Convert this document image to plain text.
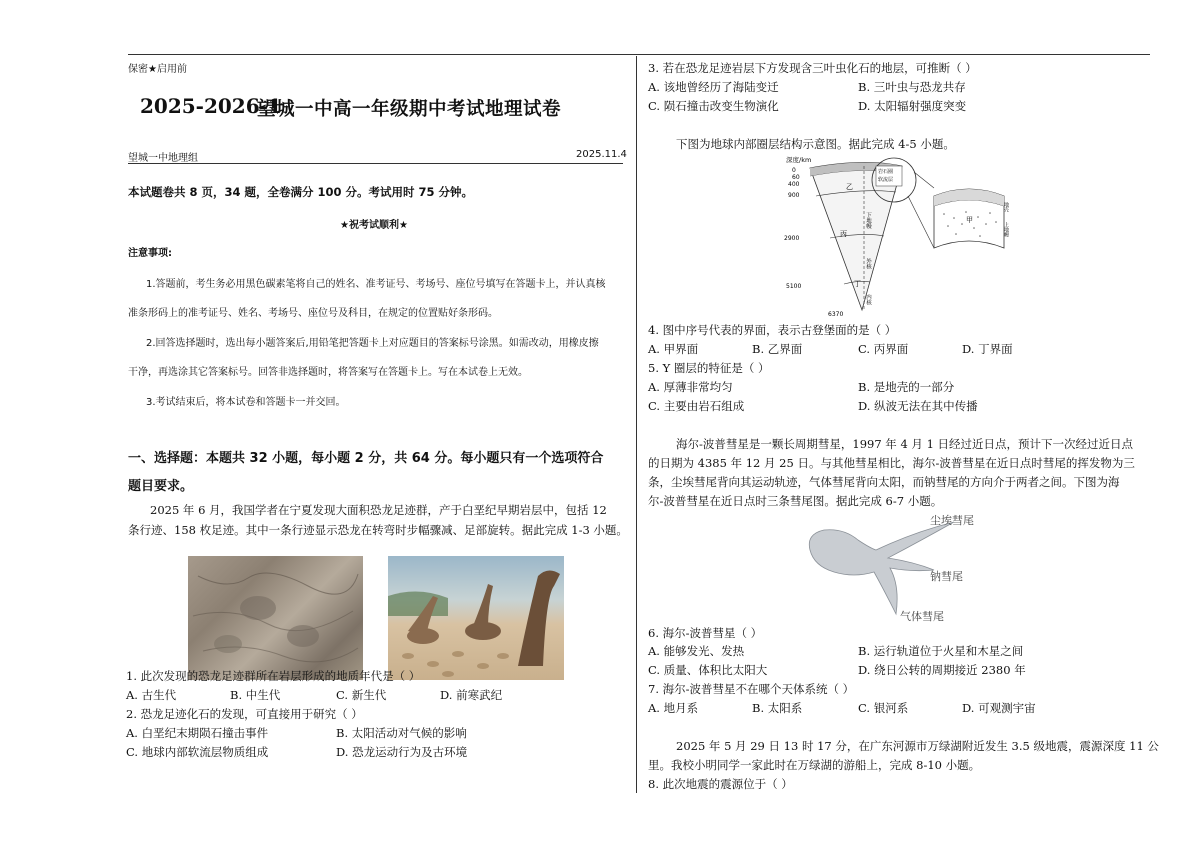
保密★启用前
2025-2026-1
望城一中高一年级期中考试地理试卷
望城一中地理组	2025.11.4
本试题卷共 8 页，34 题，全卷满分 100 分。考试用时 75 分钟。
★祝考试顺利★
注意事项:
1.答题前，考生务必用黑色碳素笔将自己的姓名、准考证号、考场号、座位号填写在答题卡上，并认真核
准条形码上的准考证号、姓名、考场号、座位号及科目，在规定的位置贴好条形码。
2.回答选择题时，选出每小题答案后,用铅笔把答题卡上对应题目的答案标号涂黑。如需改动，用橡皮擦
干净，再选涂其它答案标号。回答非选择题时，将答案写在答题卡上。写在本试卷上无效。
3.考试结束后，将本试卷和答题卡一并交回。
一、选择题：本题共 32 小题，每小题 2 分，共 64 分。每小题只有一个选项符合
题目要求。
2025 年 6 月，我国学者在宁夏发现大面积恐龙足迹群，产于白垩纪早期岩层中，包括 12
条行迹、158 枚足迹。其中一条行迹显示恐龙在转弯时步幅骤减、足部旋转。据此完成 1-3 小题。
1. 此次发现的恐龙足迹群所在岩层形成的地质年代是（ ）
A. 古生代	B. 中生代	C. 新生代	D. 前寒武纪
2. 恐龙足迹化石的发现，可直接用于研究（ ）
A. 白垩纪末期陨石撞击事件	B. 太阳活动对气候的影响
C. 地球内部软流层物质组成	D. 恐龙运动行为及古环境
3. 若在恐龙足迹岩层下方发现含三叶虫化石的地层，可推断（ ）
A. 该地曾经历了海陆变迁	B. 三叶虫与恐龙共存
C. 陨石撞击改变生物演化	D. 太阳辐射强度突变
下图为地球内部圈层结构示意图。据此完成 4-5 小题。
深度/km
0
60
400
900
2900
5100
6370
乙
丙
丁
下地幔
外核
内核
岩石圈
软流层
甲
地壳
上地幔
4. 图中序号代表的界面，表示古登堡面的是（ ）
A. 甲界面	B. 乙界面	C. 丙界面	D. 丁界面
5. Y 圈层的特征是（ ）
A. 厚薄非常均匀	B. 是地壳的一部分
C. 主要由岩石组成	D. 纵波无法在其中传播
海尔-波普彗星是一颗长周期彗星，1997 年 4 月 1 日经过近日点，预计下一次经过近日点
的日期为 4385 年 12 月 25 日。与其他彗星相比，海尔-波普彗星在近日点时彗尾的挥发物为三
条，尘埃彗尾背向其运动轨迹，气体彗尾背向太阳，而钠彗尾的方向介于两者之间。下图为海
尔-波普彗星在近日点时三条彗尾图。据此完成 6-7 小题。
尘埃彗尾
钠彗尾
气体彗尾
6. 海尔-波普彗星（ ）
A. 能够发光、发热	B. 运行轨道位于火星和木星之间
C. 质量、体积比太阳大	D. 绕日公转的周期接近 2380 年
7. 海尔-波普彗星不在哪个天体系统（ ）
A. 地月系	B. 太阳系	C. 银河系	D. 可观测宇宙
2025 年 5 月 29 日 13 时 17 分，在广东河源市万绿湖附近发生 3.5 级地震，震源深度 11 公
里。我校小明同学一家此时在万绿湖的游船上，完成 8-10 小题。
8. 此次地震的震源位于（ ）
